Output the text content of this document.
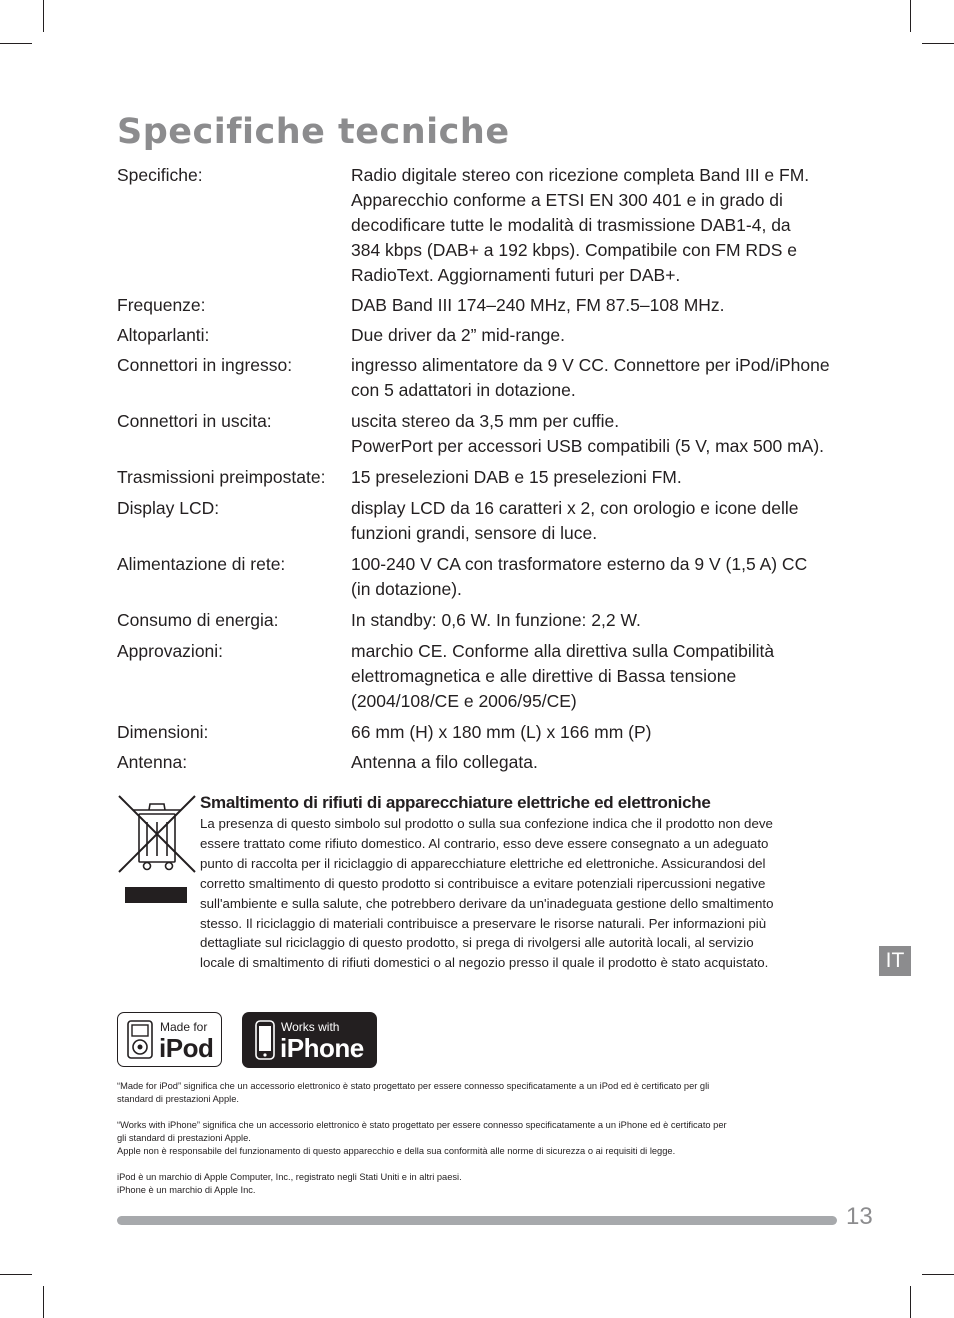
Specifiche tecniche
Specifiche:	Radio digitale stereo con ricezione completa Band III e FM.
Apparecchio conforme a ETSI EN 300 401 e in grado di
decodificare tutte le modalità di trasmissione DAB1-4, da
384 kbps (DAB+ a 192 kbps). Compatibile con FM RDS e
RadioText. Aggiornamenti futuri per DAB+.
Frequenze:	DAB Band III 174–240 MHz, FM 87.5–108 MHz.
Altoparlanti:	Due driver da 2” mid-range.
Connettori in ingresso:	ingresso alimentatore da 9 V CC. Connettore per iPod/iPhone
con 5 adattatori in dotazione.
Connettori in uscita:	uscita stereo da 3,5 mm per cuffie.
PowerPort per accessori USB compatibili (5 V, max 500 mA).
Trasmissioni preimpostate:	15 preselezioni DAB e 15 preselezioni FM.
Display LCD:	display LCD da 16 caratteri x 2, con orologio e icone delle
funzioni grandi, sensore di luce.
Alimentazione di rete:	100-240 V CA con trasformatore esterno da 9 V (1,5 A) CC
(in dotazione).
Consumo di energia:	In standby: 0,6 W. In funzione: 2,2 W.
Approvazioni:	marchio CE. Conforme alla direttiva sulla Compatibilità
elettromagnetica e alle direttive di Bassa tensione
(2004/108/CE e 2006/95/CE)
Dimensioni:	66 mm (H) x 180 mm (L) x 166 mm (P)
Antenna:	Antenna a filo collegata.
Smaltimento di rifiuti di apparecchiature elettriche ed elettroniche

La presenza di questo simbolo sul prodotto o sulla sua confezione indica che il prodotto non deve
essere trattato come rifiuto domestico. Al contrario, esso deve essere consegnato a un adeguato
punto di raccolta per il riciclaggio di apparecchiature elettriche ed elettroniche. Assicurandosi del
corretto smaltimento di questo prodotto si contribuisce a evitare potenziali ripercussioni negative
sull'ambiente e sulla salute, che potrebbero derivare da un'inadeguata gestione dello smaltimento
stesso. Il riciclaggio di materiali contribuisce a preservare le risorse naturali. Per informazioni più
dettagliate sul riciclaggio di questo prodotto, si prega di rivolgersi alle autorità locali, al servizio
locale di smaltimento di rifiuti domestici o al negozio presso il quale il prodotto è stato acquistato.	IT
Made for
iPod
Works with
iPhone

“Made for iPod” significa che un accessorio elettronico è stato progettato per essere connesso specificatamente a un iPod ed è certificato per gli

standard di prestazioni Apple.

“Works with iPhone” significa che un accessorio elettronico è stato progettato per essere connesso specificatamente a un iPhone ed è certificato per

gli standard di prestazioni Apple.

Apple non è responsabile del funzionamento di questo apparecchio e della sua conformità alle norme di sicurezza o ai requisiti di legge.

iPod è un marchio di Apple Computer, Inc., registrato negli Stati Uniti e in altri paesi.

iPhone è un marchio di Apple Inc.

13
